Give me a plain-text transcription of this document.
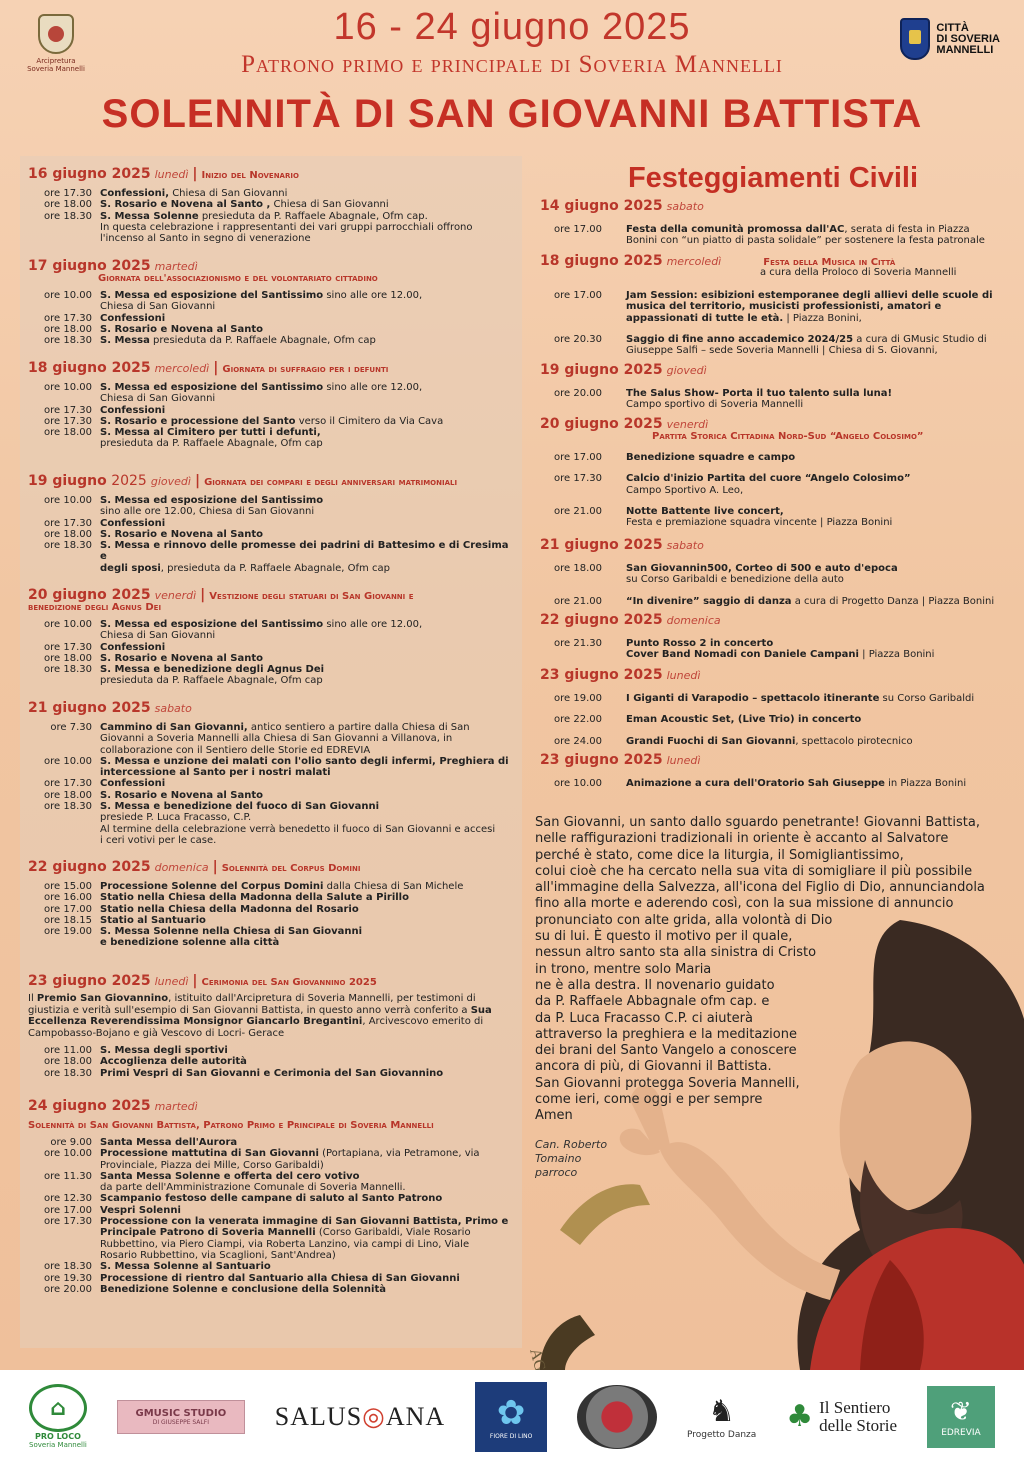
Arcipretura Soveria Mannelli
16 - 24 giugno 2025
Patrono primo e principale di Soveria Mannelli
SOLENNITÀ DI SAN GIOVANNI BATTISTA
CITTÀ
DI SOVERIA
MANNELLI
16 giugno 2025 lunedì | Inizio del Novenario
ore 17.30 Confessioni, Chiesa di San Giovanni
ore 18.00 S. Rosario e Novena al Santo , Chiesa di San Giovanni
ore 18.30 S. Messa Solenne presieduta da P. Raffaele Abagnale, Ofm cap.
In questa celebrazione i rappresentanti dei vari gruppi parrocchiali offrono
l'incenso al Santo in segno di venerazione
17 giugno 2025 martedì
Giornata dell'associazionismo e del volontariato cittadino
ore 10.00 S. Messa ed esposizione del Santissimo sino alle ore 12.00,
Chiesa di San Giovanni
ore 17.30 Confessioni
ore 18.00 S. Rosario e Novena al Santo
ore 18.30 S. Messa presieduta da P. Raffaele Abagnale, Ofm cap
18 giugno 2025 mercoledì | Giornata di suffragio per i defunti
ore 10.00 S. Messa ed esposizione del Santissimo sino alle ore 12.00,
Chiesa di San Giovanni
ore 17.30 Confessioni
ore 17.30 S. Rosario e processione del Santo verso il Cimitero da Via Cava
ore 18.00 S. Messa al Cimitero per tutti i defunti,
presieduta da P. Raffaele Abagnale, Ofm cap
19 giugno 2025 giovedì | Giornata dei compari e degli anniversari matrimoniali
ore 10.00 S. Messa ed esposizione del Santissimo
sino alle ore 12.00, Chiesa di San Giovanni
ore 17.30 Confessioni
ore 18.00 S. Rosario e Novena al Santo
ore 18.30 S. Messa e rinnovo delle promesse dei padrini di Battesimo e di Cresima e
degli sposi, presieduta da P. Raffaele Abagnale, Ofm cap
20 giugno 2025 venerdì | Vestizione degli statuari di San Giovanni e
benedizione degli Agnus Dei
ore 10.00 S. Messa ed esposizione del Santissimo sino alle ore 12.00,
Chiesa di San Giovanni
ore 17.30 Confessioni
ore 18.00 S. Rosario e Novena al Santo
ore 18.30 S. Messa e benedizione degli Agnus Dei
presieduta da P. Raffaele Abagnale, Ofm cap
21 giugno 2025 sabato
ore 7.30 Cammino di San Giovanni, antico sentiero a partire dalla Chiesa di San
Giovanni a Soveria Mannelli alla Chiesa di San Giovanni a Villanova, in
collaborazione con il Sentiero delle Storie ed EDREVIA
ore 10.00 S. Messa e unzione dei malati con l'olio santo degli infermi, Preghiera di
intercessione al Santo per i nostri malati
ore 17.30 Confessioni
ore 18.00 S. Rosario e Novena al Santo
ore 18.30 S. Messa e benedizione del fuoco di San Giovanni
presiede P. Luca Fracasso, C.P.
Al termine della celebrazione verrà benedetto il fuoco di San Giovanni e accesi
i ceri votivi per le case.
22 giugno 2025 domenica | Solennità del Corpus Domini
ore 15.00 Processione Solenne del Corpus Domini dalla Chiesa di San Michele
ore 16.00 Statio nella Chiesa della Madonna della Salute a Pirillo
ore 17.00 Statio nella Chiesa della Madonna del Rosario
ore 18.15 Statio al Santuario
ore 19.00 S. Messa Solenne nella Chiesa di San Giovanni
e benedizione solenne alla città
23 giugno 2025 lunedì | Cerimonia del San Giovannino 2025
Il Premio San Giovannino, istituito dall'Arcipretura di Soveria Mannelli, per testimoni di giustizia e verità sull'esempio di San Giovanni Battista, in questo anno verrà conferito a Sua Eccellenza Reverendissima Monsignor Giancarlo Bregantini, Arcivescovo emerito di Campobasso-Bojano e già Vescovo di Locri- Gerace
ore 11.00 S. Messa degli sportivi
ore 18.00 Accoglienza delle autorità
ore 18.30 Primi Vespri di San Giovanni e Cerimonia del San Giovannino
24 giugno 2025 martedì
Solennità di San Giovanni Battista, Patrono Primo e Principale di Soveria Mannelli
ore 9.00 Santa Messa dell'Aurora
ore 10.00 Processione mattutina di San Giovanni (Portapiana, via Petramone, via
Provinciale, Piazza dei Mille, Corso Garibaldi)
ore 11.30 Santa Messa Solenne e offerta del cero votivo
da parte dell'Amministrazione Comunale di Soveria Mannelli.
ore 12.30 Scampanio festoso delle campane di saluto al Santo Patrono
ore 17.00 Vespri Solenni
ore 17.30 Processione con la venerata immagine di San Giovanni Battista, Primo e
Principale Patrono di Soveria Mannelli (Corso Garibaldi, Viale Rosario
Rubbettino, via Piero Ciampi, via Roberta Lanzino, via campi di Lino, Viale
Rosario Rubbettino, via Scaglioni, Sant'Andrea)
ore 18.30 S. Messa Solenne al Santuario
ore 19.30 Processione di rientro dal Santuario alla Chiesa di San Giovanni
ore 20.00 Benedizione Solenne e conclusione della Solennità
Festeggiamenti Civili
14 giugno 2025 sabato
ore 17.00	Festa della comunità promossa dall'AC, serata di festa in Piazza
Bonini con “un piatto di pasta solidale” per sostenere la festa patronale
18 giugno 2025 mercoledì	Festa della Musica in Città
a cura della Proloco di Soveria Mannelli
ore 17.00	Jam Session: esibizioni estemporanee degli allievi delle scuole di
musica del territorio, musicisti professionisti, amatori e
appassionati di tutte le età. | Piazza Bonini,
ore 20.30	Saggio di fine anno accademico 2024/25 a cura di GMusic Studio di
Giuseppe Salfi – sede Soveria Mannelli | Chiesa di S. Giovanni,
19 giugno 2025 giovedì
ore 20.00	The Salus Show- Porta il tuo talento sulla luna!
Campo sportivo di Soveria Mannelli
20 giugno 2025 venerdì
Partita Storica Cittadina Nord-Sud “Angelo Colosimo”
ore 17.00	Benedizione squadre e campo
ore 17.30	Calcio d'inizio Partita del cuore “Angelo Colosimo”
Campo Sportivo A. Leo,
ore 21.00	Notte Battente live concert,
Festa e premiazione squadra vincente | Piazza Bonini
21 giugno 2025 sabato
ore 18.00	San Giovannin500, Corteo di 500 e auto d'epoca
su Corso Garibaldi e benedizione della auto
ore 21.00	“In divenire” saggio di danza a cura di Progetto Danza | Piazza Bonini
22 giugno 2025 domenica
ore 21.30	Punto Rosso 2 in concerto
Cover Band Nomadi con Daniele Campani | Piazza Bonini
23 giugno 2025 lunedì
ore 19.00	I Giganti di Varapodio – spettacolo itinerante su Corso Garibaldi
ore 22.00	Eman Acoustic Set, (Live Trio) in concerto
ore 24.00	Grandi Fuochi di San Giovanni, spettacolo pirotecnico
23 giugno 2025 lunedì
ore 10.00	Animazione a cura dell'Oratorio Sah Giuseppe in Piazza Bonini

San Giovanni, un santo dallo sguardo penetrante! Giovanni Battista,

nelle raffigurazioni tradizionali in oriente è accanto al Salvatore

perché è stato, come dice la liturgia, il Somigliantissimo,

colui cioè che ha cercato nella sua vita di somigliare il più possibile

all'immagine della Salvezza, all'icona del Figlio di Dio, annunciandola

fino alla morte e aderendo così, con la sua missione di annuncio

pronunciato con alte grida, alla volontà di Dio

su di lui. È questo il motivo per il quale,

nessun altro santo sta alla sinistra di Cristo

in trono, mentre solo Maria

ne è alla destra. Il novenario guidato

da P. Raffaele Abbagnale ofm cap. e

da P. Luca Fracasso C.P. ci aiuterà

attraverso la preghiera e la meditazione

dei brani del Santo Vangelo a conoscere

ancora di più, di Giovanni il Battista.

San Giovanni protegga Soveria Mannelli,

come ieri, come oggi e per sempre

Amen

Can. Roberto
Tomaino
parroco
⌂
PRO LOCO
Soveria Mannelli
GMUSIC STUDIO
DI GIUSEPPE SALFI	SALUS◎ANA ✿
FIORE DI LINO
♞
Progetto Danza
♣ Il Sentiero
delle Storie ❦
EDREVIA
